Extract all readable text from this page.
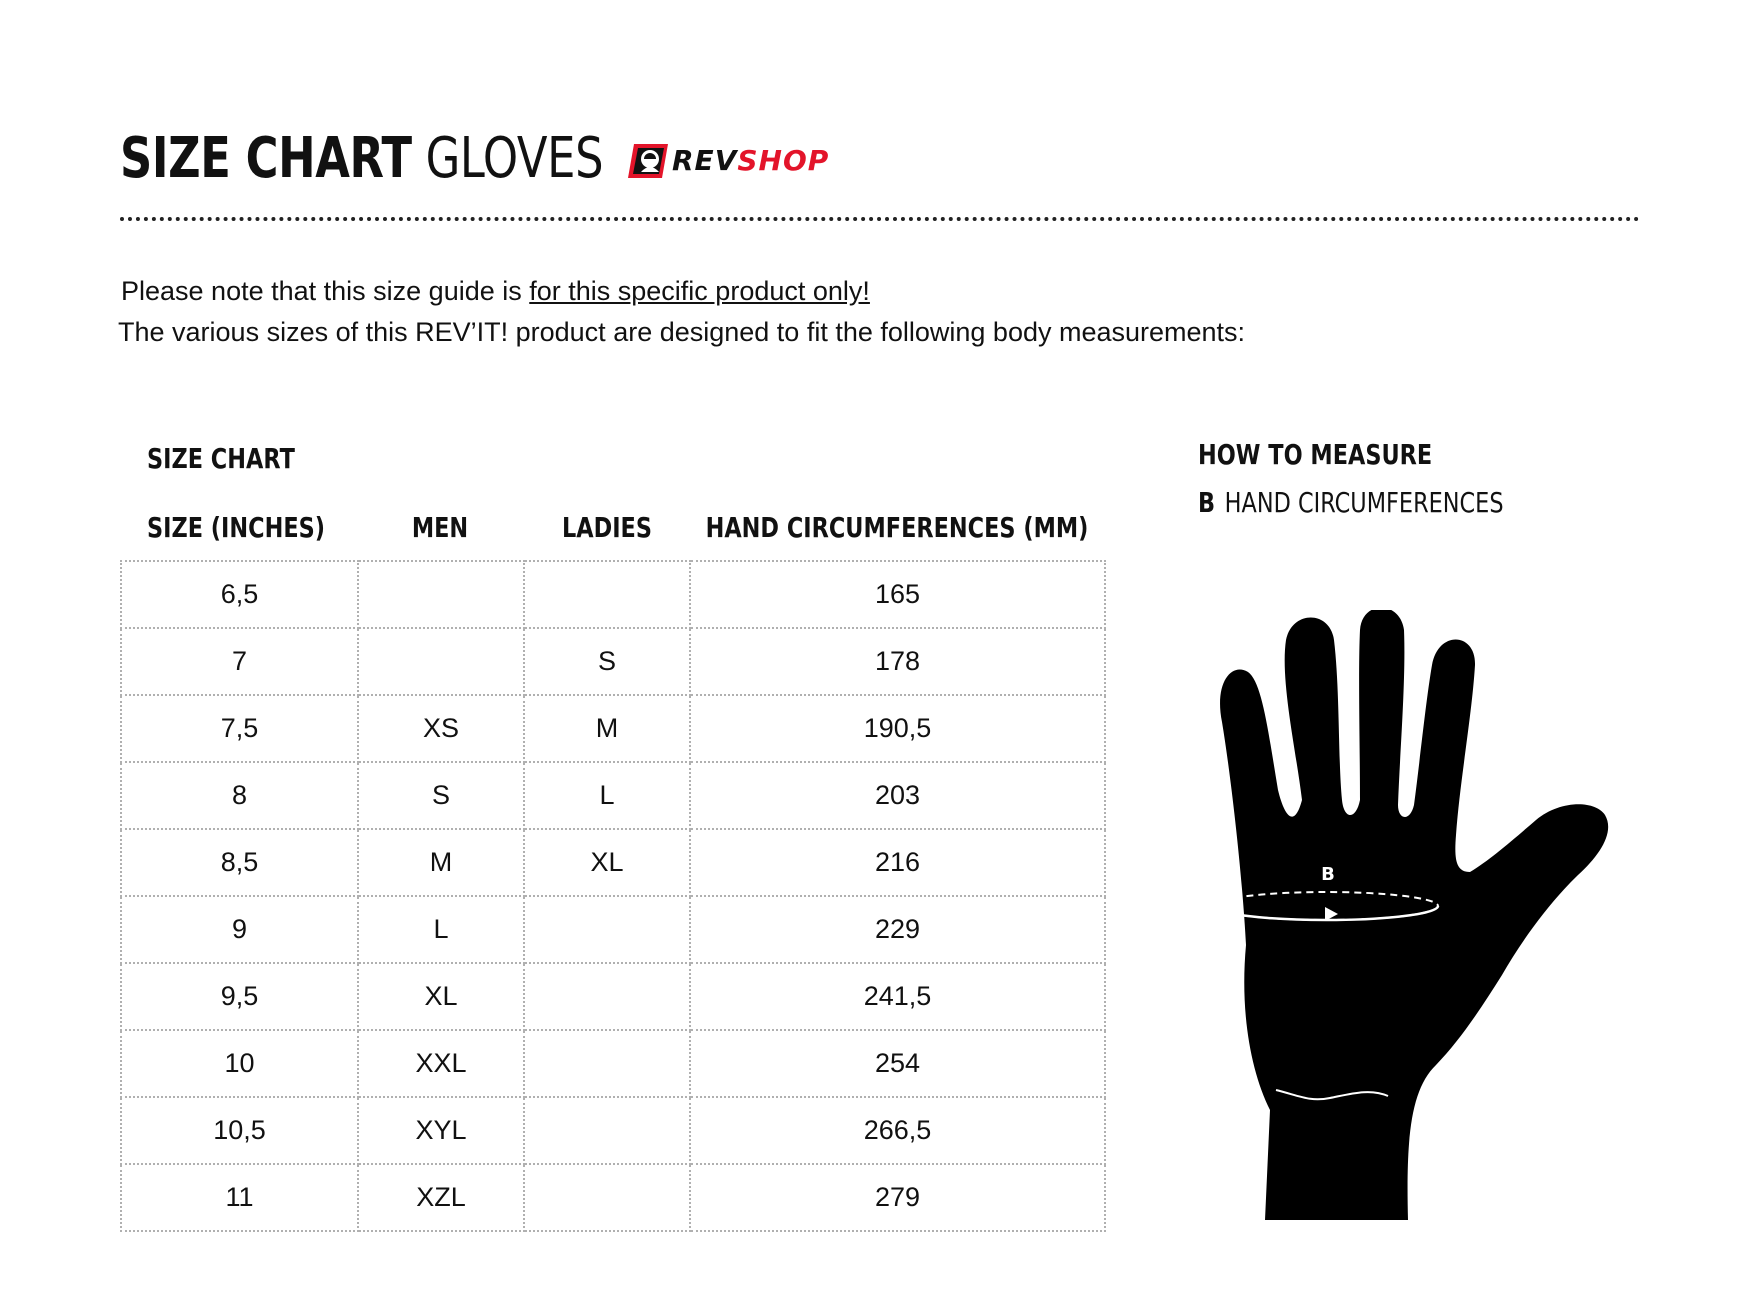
SIZE CHART GLOVES REVSHOP

Please note that this size guide is for this specific product only!

The various sizes of this REV’IT! product are designed to fit the following body measurements:

SIZE CHART

SIZE (INCHES)	MEN	LADIES	HAND CIRCUMFERENCES (MM)

6,5			165
7		S	178
7,5	XS	M	190,5
8	S	L	203
8,5	M	XL	216
9	L		229
9,5	XL		241,5
10	XXL		254
10,5	XYL		266,5
11	XZL		279

HOW TO MEASURE

B HAND CIRCUMFERENCES

B
